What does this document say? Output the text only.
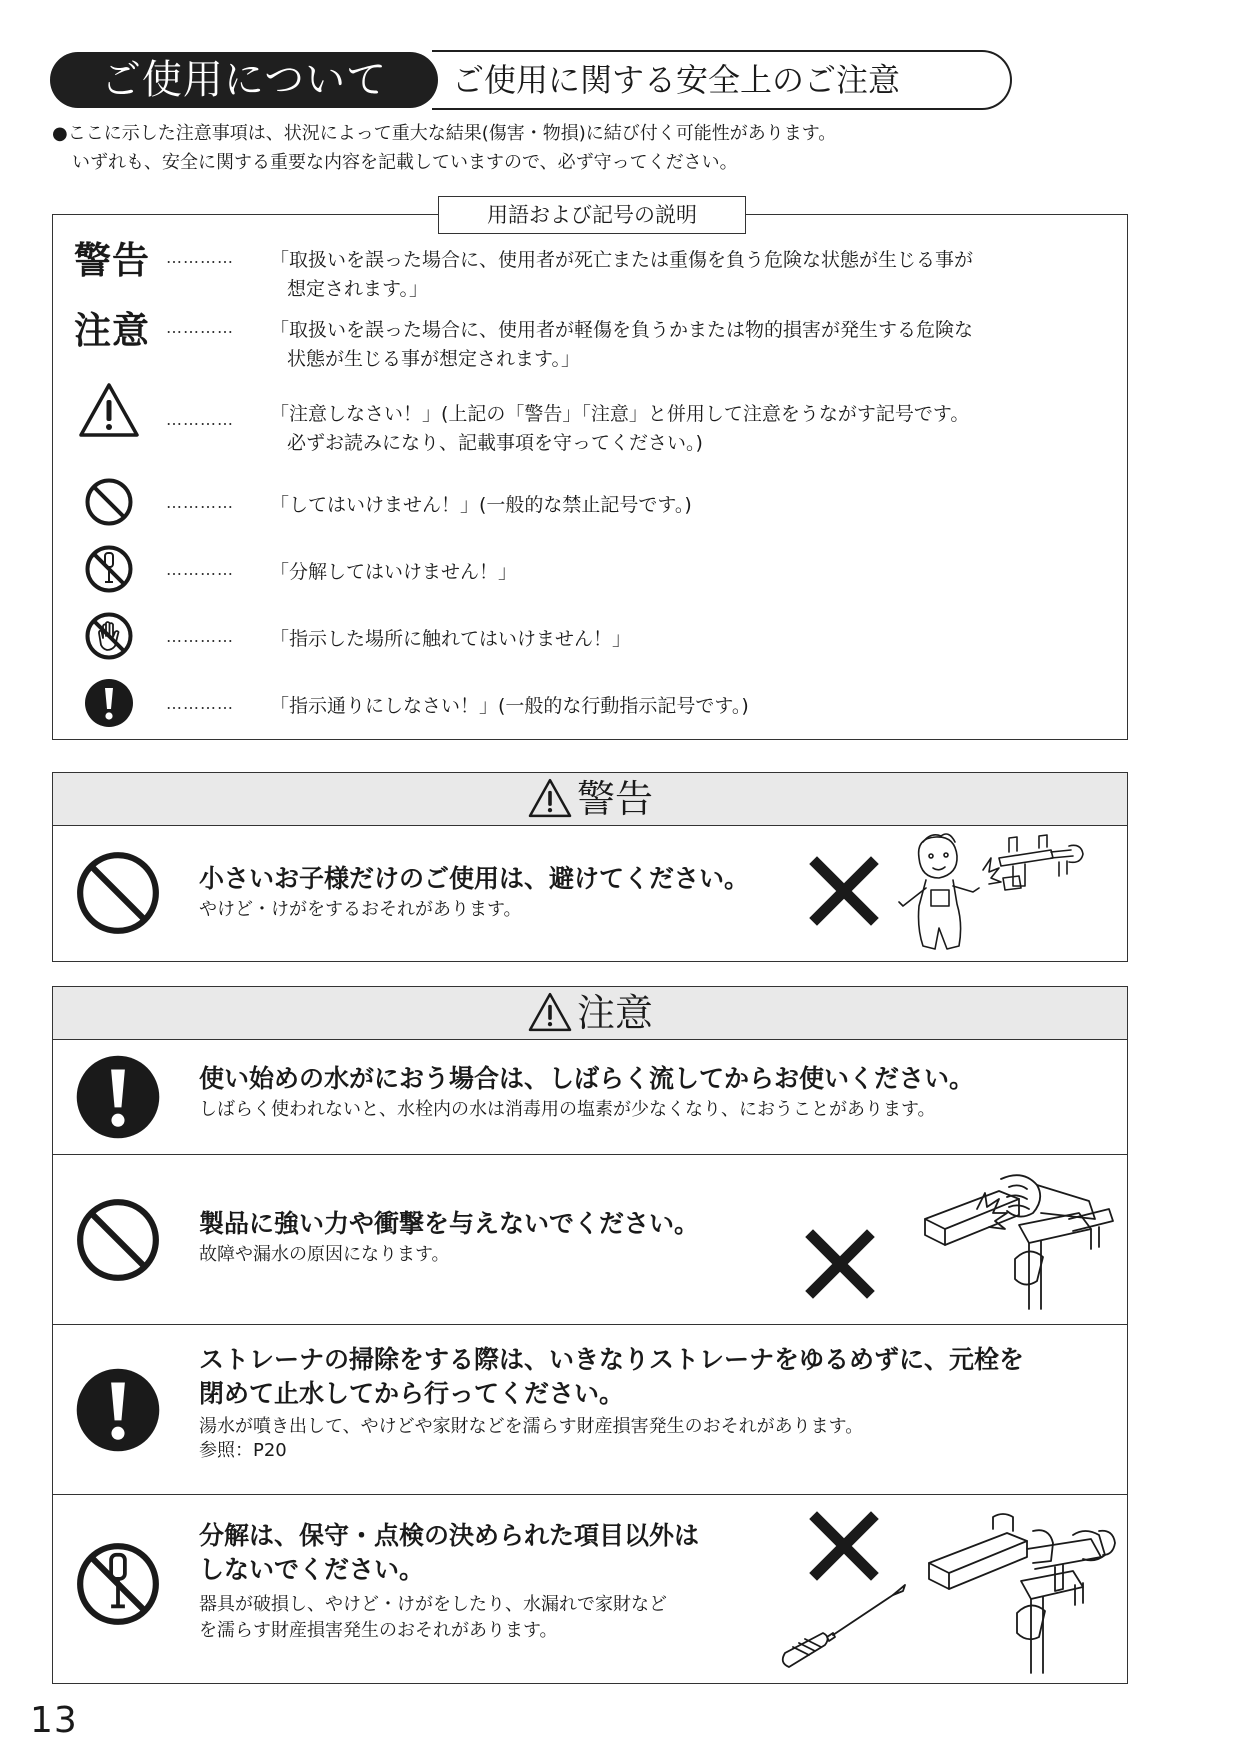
ご使用に関する安全上のご注意
ご使用について
●ここに示した注意事項は、状況によって重大な結果(傷害・物損)に結び付く可能性があります。
いずれも、安全に関する重要な内容を記載していますので、必ず守ってください。
用語および記号の説明
警告 ………… 「取扱いを誤った場合に、使用者が死亡または重傷を負う危険な状態が生じる事が
想定されます。」
注意 ………… 「取扱いを誤った場合に、使用者が軽傷を負うかまたは物的損害が発生する危険な
状態が生じる事が想定されます。」
………… 「注意しなさい！」(上記の「警告」「注意」と併用して注意をうながす記号です。
必ずお読みになり、記載事項を守ってください。)
………… 「してはいけません！」(一般的な禁止記号です。)
………… 「分解してはいけません！」
………… 「指示した場所に触れてはいけません！」
………… 「指示通りにしなさい！」(一般的な行動指示記号です。)
警告
小さいお子様だけのご使用は、避けてください。
やけど・けがをするおそれがあります。
注意
使い始めの水がにおう場合は、しばらく流してからお使いください。
しばらく使われないと、水栓内の水は消毒用の塩素が少なくなり、におうことがあります。
製品に強い力や衝撃を与えないでください。
故障や漏水の原因になります。
ストレーナの掃除をする際は、いきなりストレーナをゆるめずに、元栓を
閉めて止水してから行ってください。
湯水が噴き出して、やけどや家財などを濡らす財産損害発生のおそれがあります。
参照：P20
分解は、保守・点検の決められた項目以外は
しないでください。
器具が破損し、やけど・けがをしたり、水漏れで家財など
を濡らす財産損害発生のおそれがあります。
13
